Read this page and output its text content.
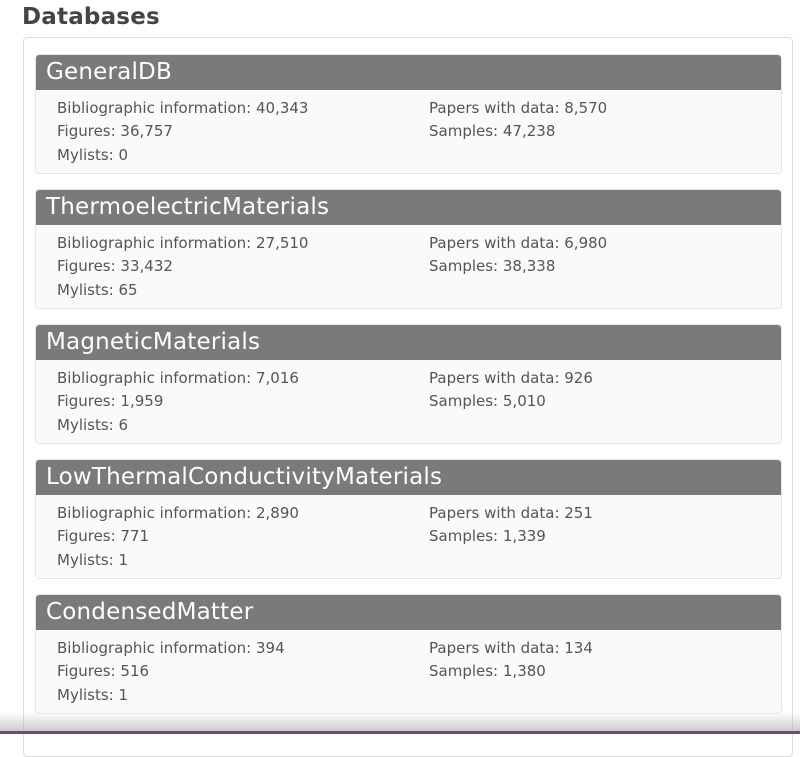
Databases
GeneralDB
Bibliographic information: 40,343
Figures: 36,757
Mylists: 0
Papers with data: 8,570
Samples: 47,238
ThermoelectricMaterials
Bibliographic information: 27,510
Figures: 33,432
Mylists: 65
Papers with data: 6,980
Samples: 38,338
MagneticMaterials
Bibliographic information: 7,016
Figures: 1,959
Mylists: 6
Papers with data: 926
Samples: 5,010
LowThermalConductivityMaterials
Bibliographic information: 2,890
Figures: 771
Mylists: 1
Papers with data: 251
Samples: 1,339
CondensedMatter
Bibliographic information: 394
Figures: 516
Mylists: 1
Papers with data: 134
Samples: 1,380
